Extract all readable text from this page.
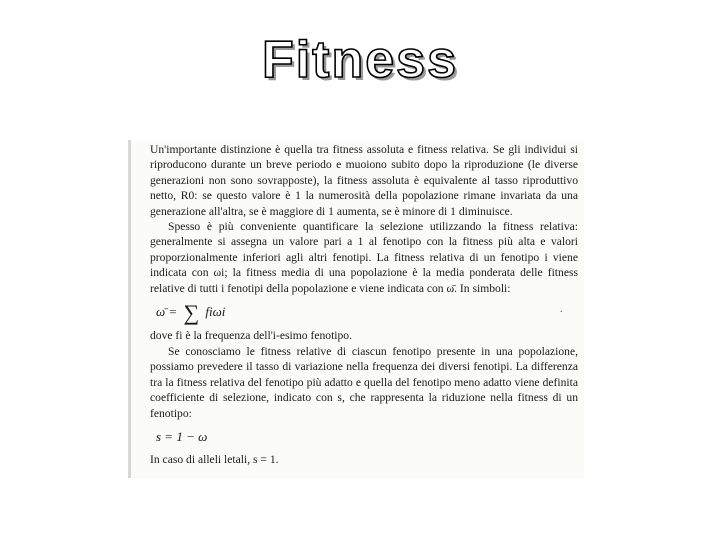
Fitness
.

Un'importante distinzione è quella tra fitness assoluta e fitness relativa. Se gli individui si riproducono durante un breve periodo e muoiono subito dopo la riproduzione (le diverse generazioni non sono sovrapposte), la fitness assoluta è equivalente al tasso riproduttivo netto, R0: se questo valore è 1 la numerosità della popolazione rimane invariata da una generazione all'altra, se è maggiore di 1 aumenta, se è minore di 1 diminuisce.

Spesso è più conveniente quantificare la selezione utilizzando la fitness relativa: generalmente si assegna un valore pari a 1 al fenotipo con la fitness più alta e valori proporzionalmente inferiori agli altri fenotipi. La fitness relativa di un fenotipo i viene indicata con ωi; la fitness media di una popolazione è la media ponderata delle fitness relative di tutti i fenotipi della popolazione e viene indicata con ω̄. In simboli:

ω̄ = ∑ fiωi

dove fi è la frequenza dell'i-esimo fenotipo.

Se conosciamo le fitness relative di ciascun fenotipo presente in una popolazione, possiamo prevedere il tasso di variazione nella frequenza dei diversi fenotipi. La differenza tra la fitness relativa del fenotipo più adatto e quella del fenotipo meno adatto viene definita coefficiente di selezione, indicato con s, che rappresenta la riduzione nella fitness di un fenotipo:

s = 1 − ω

In caso di alleli letali, s = 1.
